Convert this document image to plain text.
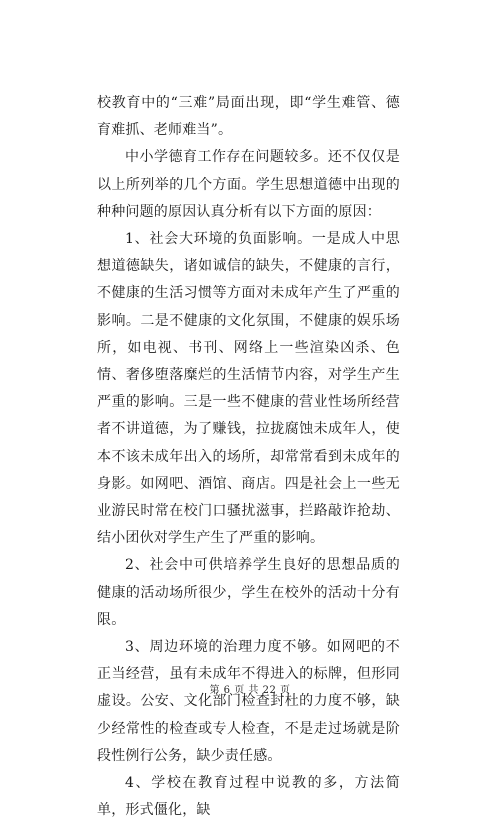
校教育中的“三难”局面出现，即“学生难管、德育难抓、老师难当”。

中小学德育工作存在问题较多。还不仅仅是以上所列举的几个方面。学生思想道德中出现的种种问题的原因认真分析有以下方面的原因：

1、社会大环境的负面影响。一是成人中思想道德缺失，诸如诚信的缺失，不健康的言行，不健康的生活习惯等方面对未成年产生了严重的影响。二是不健康的文化氛围，不健康的娱乐场所，如电视、书刊、网络上一些渲染凶杀、色情、奢侈堕落糜烂的生活情节内容，对学生产生严重的影响。三是一些不健康的营业性场所经营者不讲道德，为了赚钱，拉拢腐蚀未成年人，使本不该未成年出入的场所，却常常看到未成年的身影。如网吧、酒馆、商店。四是社会上一些无业游民时常在校门口骚扰滋事，拦路敲诈抢劫、结小团伙对学生产生了严重的影响。

2、社会中可供培养学生良好的思想品质的健康的活动场所很少，学生在校外的活动十分有限。

3、周边环境的治理力度不够。如网吧的不正当经营，虽有未成年不得进入的标牌，但形同虚设。公安、文化部门检查封杜的力度不够，缺少经常性的检查或专人检查，不是走过场就是阶段性例行公务，缺少责任感。

4、学校在教育过程中说教的多，方法简单，形式僵化，缺

第 6 页 共 22 页
